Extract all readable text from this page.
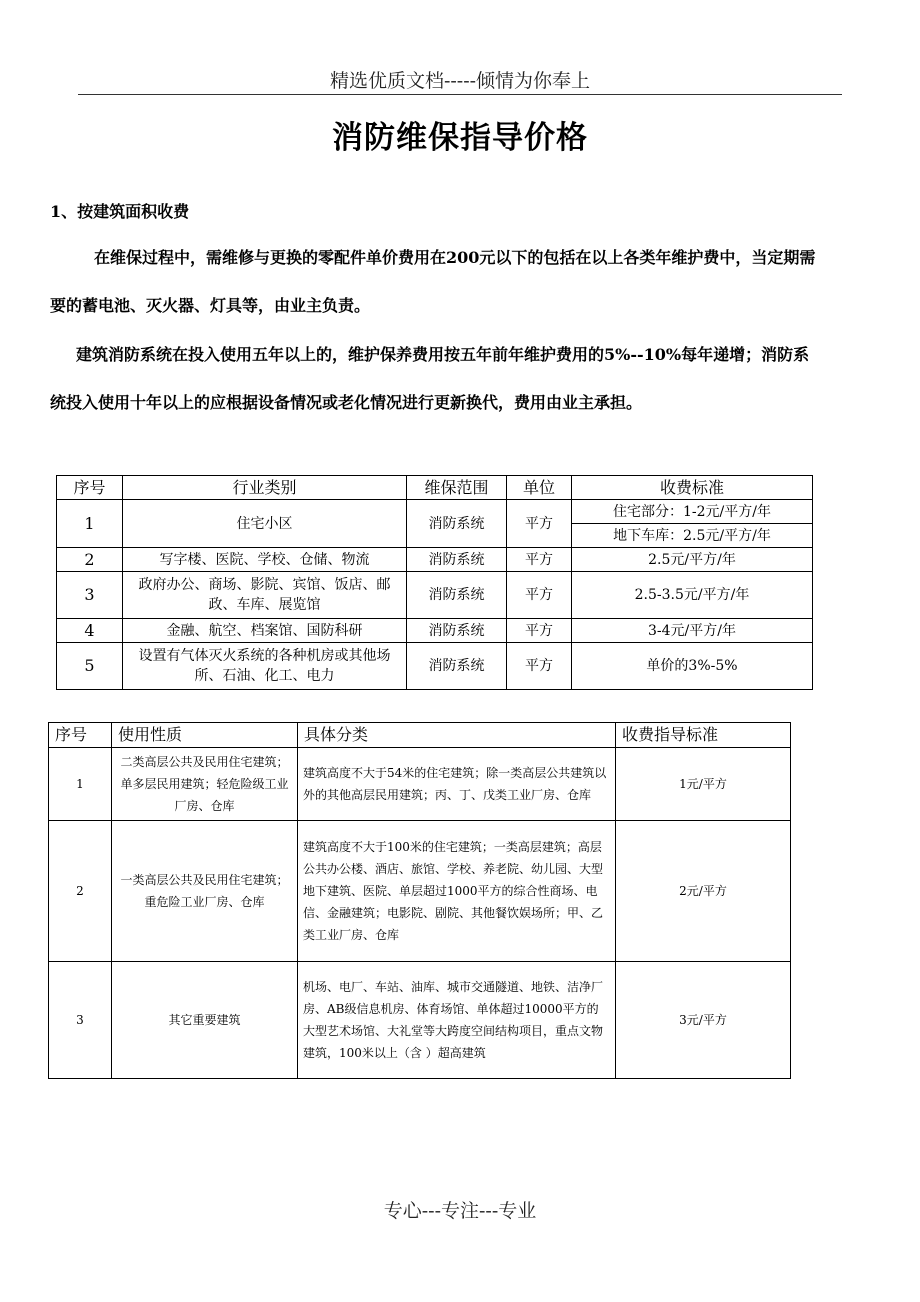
精选优质文档-----倾情为你奉上
消防维保指导价格
1、按建筑面积收费
在维保过程中，需维修与更换的零配件单价费用在200元以下的包括在以上各类年维护费中，当定期需要的蓄电池、灭火器、灯具等，由业主负责。
建筑消防系统在投入使用五年以上的，维护保养费用按五年前年维护费用的5%--10%每年递增；消防系统投入使用十年以上的应根据设备情况或老化情况进行更新换代，费用由业主承担。
序号	行业类别	维保范围	单位	收费标准
1	住宅小区	消防系统	平方	住宅部分：1-2元/平方/年
				地下车库：2.5元/平方/年
2	写字楼、医院、学校、仓储、物流	消防系统	平方	2.5元/平方/年
3	政府办公、商场、影院、宾馆、饭店、邮政、车库、展览馆	消防系统	平方	2.5-3.5元/平方/年
4	金融、航空、档案馆、国防科研	消防系统	平方	3-4元/平方/年
5	设置有气体灭火系统的各种机房或其他场所、石油、化工、电力	消防系统	平方	单价的3%-5%
序号	使用性质	具体分类	收费指导标准
1	二类高层公共及民用住宅建筑；单多层民用建筑；轻危险级工业厂房、仓库	建筑高度不大于54米的住宅建筑；除一类高层公共建筑以外的其他高层民用建筑；丙、丁、戊类工业厂房、仓库	1元/平方
2	一类高层公共及民用住宅建筑；重危险工业厂房、仓库	建筑高度不大于100米的住宅建筑；一类高层建筑；高层公共办公楼、酒店、旅馆、学校、养老院、幼儿园、大型地下建筑、医院、单层超过1000平方的综合性商场、电信、金融建筑；电影院、剧院、其他餐饮娱场所；甲、乙类工业厂房、仓库	2元/平方
3	其它重要建筑	机场、电厂、车站、油库、城市交通隧道、地铁、洁净厂房、AB级信息机房、体育场馆、单体超过10000平方的大型艺术场馆、大礼堂等大跨度空间结构项目，重点文物建筑，100米以上（含 ）超高建筑	3元/平方
专心---专注---专业
